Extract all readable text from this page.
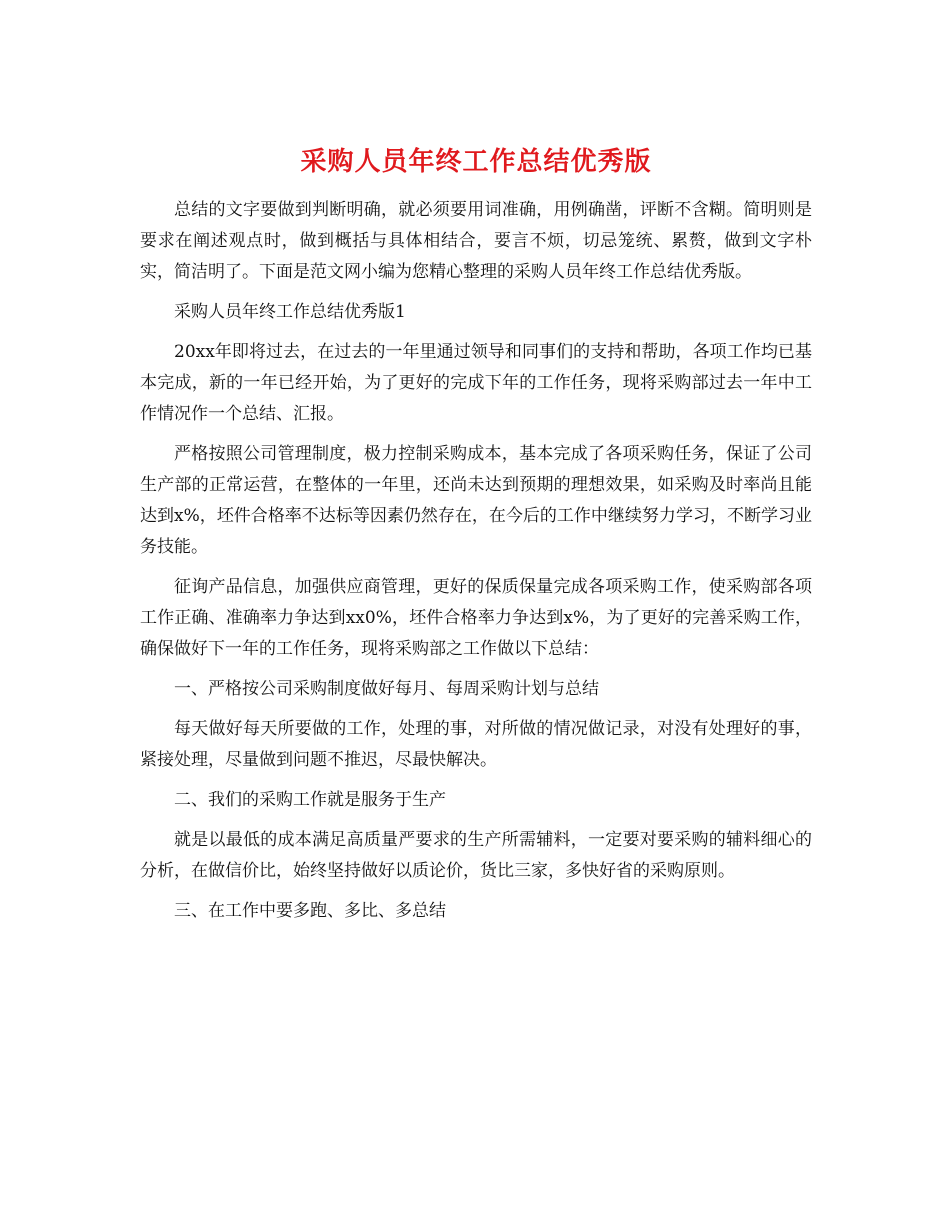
采购人员年终工作总结优秀版

总结的文字要做到判断明确，就必须要用词准确，用例确凿，评断不含糊。简明则是要求在阐述观点时，做到概括与具体相结合，要言不烦，切忌笼统、累赘，做到文字朴实，简洁明了。下面是范文网小编为您精心整理的采购人员年终工作总结优秀版。

采购人员年终工作总结优秀版1

20xx年即将过去，在过去的一年里通过领导和同事们的支持和帮助，各项工作均已基本完成，新的一年已经开始，为了更好的完成下年的工作任务，现将采购部过去一年中工作情况作一个总结、汇报。

严格按照公司管理制度，极力控制采购成本，基本完成了各项采购任务，保证了公司生产部的正常运营，在整体的一年里，还尚未达到预期的理想效果，如采购及时率尚且能达到x%，坯件合格率不达标等因素仍然存在，在今后的工作中继续努力学习，不断学习业务技能。

征询产品信息，加强供应商管理，更好的保质保量完成各项采购工作，使采购部各项工作正确、准确率力争达到xx0%，坯件合格率力争达到x%，为了更好的完善采购工作，确保做好下一年的工作任务，现将采购部之工作做以下总结：

一、严格按公司采购制度做好每月、每周采购计划与总结

每天做好每天所要做的工作，处理的事，对所做的情况做记录，对没有处理好的事，紧接处理，尽量做到问题不推迟，尽最快解决。

二、我们的采购工作就是服务于生产

就是以最低的成本满足高质量严要求的生产所需辅料，一定要对要采购的辅料细心的分析，在做信价比，始终坚持做好以质论价，货比三家，多快好省的采购原则。

三、在工作中要多跑、多比、多总结
